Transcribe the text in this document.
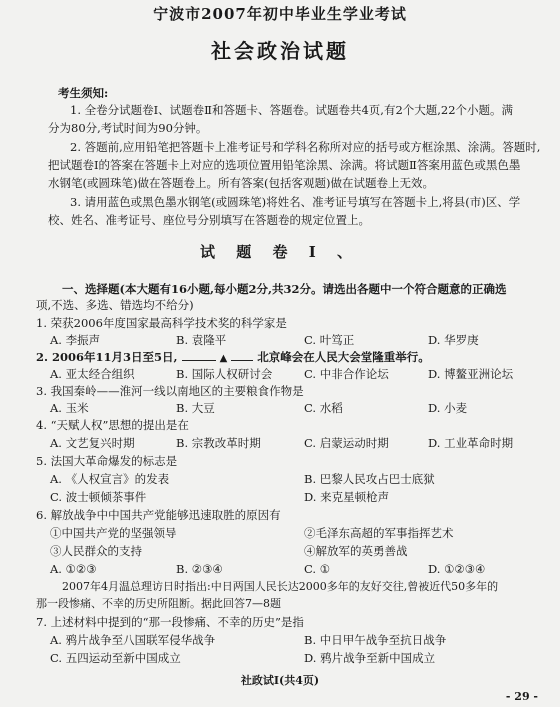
宁波市2007年初中毕业生学业考试
社会政治试题
考生须知:
1. 全卷分试题卷Ⅰ、试题卷Ⅱ和答题卡、答题卷。试题卷共4页,有2个大题,22个小题。满
分为80分,考试时间为90分钟。
2. 答题前,应用铅笔把答题卡上准考证号和学科名称所对应的括号或方框涂黑、涂满。答题时,
把试题卷Ⅰ的答案在答题卡上对应的选项位置用铅笔涂黑、涂满。将试题Ⅱ答案用蓝色或黑色墨
水钢笔(或圆珠笔)做在答题卷上。所有答案(包括客观题)做在试题卷上无效。
3. 请用蓝色或黑色墨水钢笔(或圆珠笔)将姓名、准考证号填写在答题卡上,将县(市)区、学
校、姓名、准考证号、座位号分别填写在答题卷的规定位置上。
试 题 卷 Ⅰ 、
一、选择题(本大题有16小题,每小题2分,共32分。请选出各题中一个符合题意的正确选
项,不选、多选、错选均不给分)
1. 荣获2006年度国家最高科学技术奖的科学家是
A. 李振声	B. 袁隆平	C. 叶笃正	D. 华罗庚
2. 2006年11月3日至5日,	▲	北京峰会在人民大会堂隆重举行。
A. 亚太经合组织	B. 国际人权研讨会	C. 中非合作论坛	D. 博鳌亚洲论坛
3. 我国秦岭——淮河一线以南地区的主要粮食作物是
A. 玉米	B. 大豆	C. 水稻	D. 小麦
4. “天赋人权”思想的提出是在
A. 文艺复兴时期	B. 宗教改革时期	C. 启蒙运动时期	D. 工业革命时期
5. 法国大革命爆发的标志是
A. 《人权宣言》的发表	B. 巴黎人民攻占巴士底狱
C. 波士顿倾茶事件	D. 来克星顿枪声
6. 解放战争中中国共产党能够迅速取胜的原因有
①中国共产党的坚强领导	②毛泽东高超的军事指挥艺术
③人民群众的支持	④解放军的英勇善战
A. ①②③	B. ②③④	C. ①	D. ①②③④
2007年4月温总理访日时指出:中日两国人民长达2000多年的友好交往,曾被近代50多年的
那一段惨痛、不幸的历史所阻断。据此回答7—8题
7. 上述材料中提到的“那一段惨痛、不幸的历史”是指
A. 鸦片战争至八国联军侵华战争	B. 中日甲午战争至抗日战争
C. 五四运动至新中国成立	D. 鸦片战争至新中国成立
社政试Ⅰ(共4页)
- 29 -
